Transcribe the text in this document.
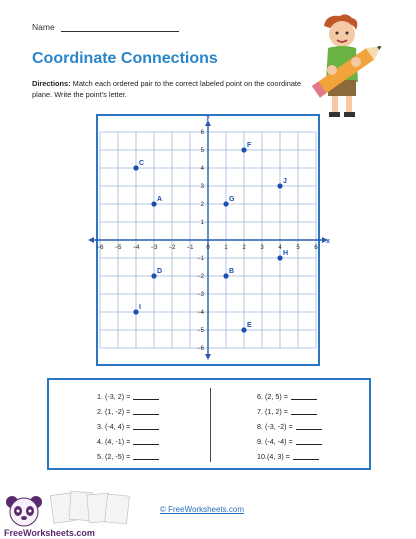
Name
Coordinate Connections
Directions: Match each ordered pair to the correct labeled point on the coordinate plane. Write the point's letter.
x
y
−6 −5 −4 −3 −2 −1 0 1 2 3 4 5 6
6
5
4
3
2
1
−1
−2
−3
−4
−5
−6
A
B
C
D
E
F
G
H
I
J
1. (-3, 2) =
2. (1, -2) =
3. (-4, 4) =
4. (4, -1) =
5. (2, -5) =
6. (2, 5) =
7. (1, 2) =
8. (-3, -2) =
9. (-4, -4) =
10.(4, 3) =
FreeWorksheets.com
© FreeWorksheets.com
